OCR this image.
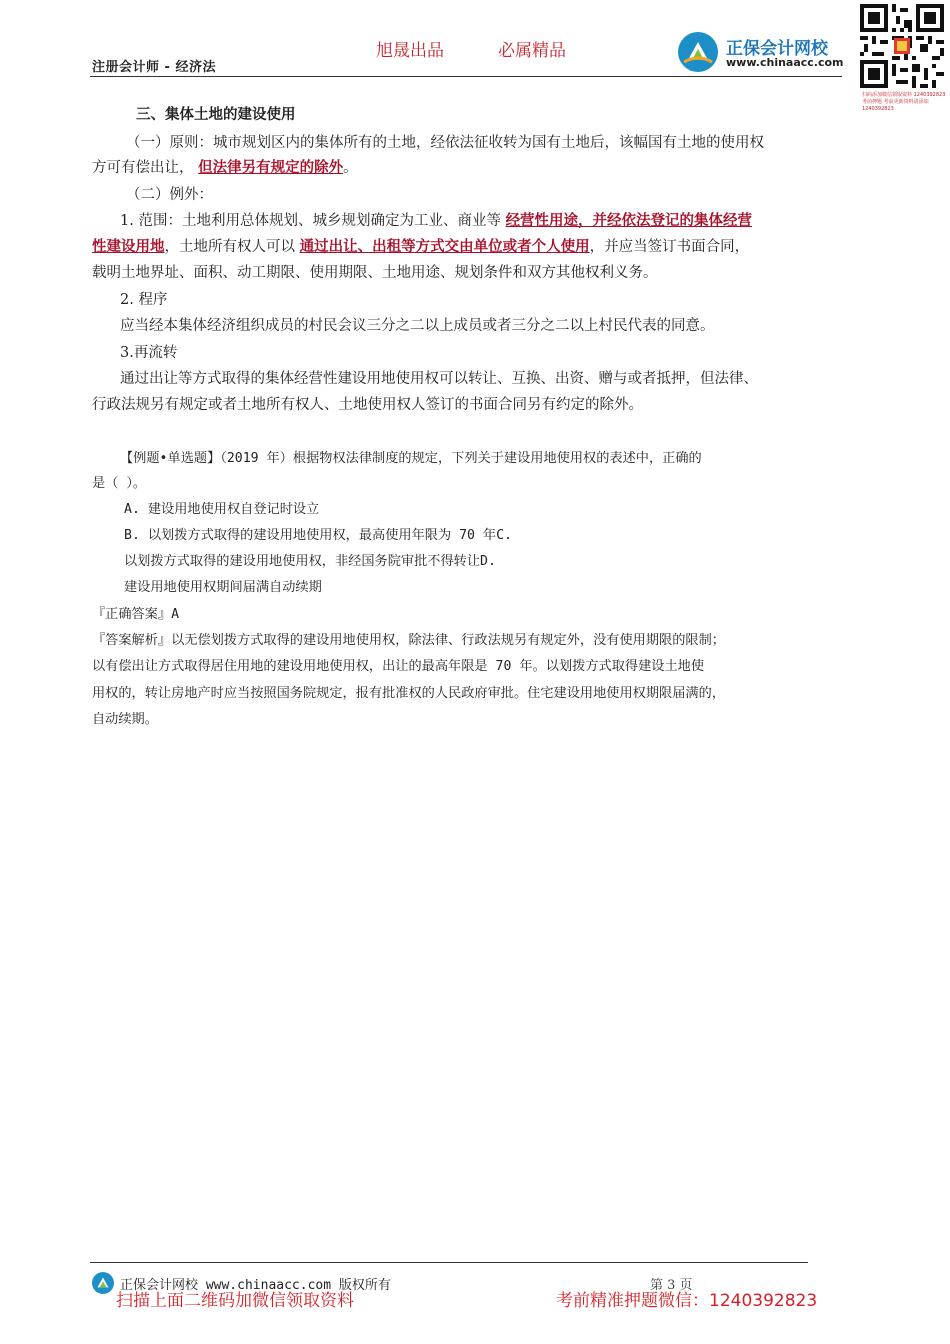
旭晟出品	必属精品
注册会计师 - 经济法
正保会计网校
www.chinaacc.com
扫码添加微信领取资料 1240392823 考前押题 考前更新资料请添加 1240392823
三、集体土地的建设使用
（一）原则：城市规划区内的集体所有的土地，经依法征收转为国有土地后，该幅国有土地的使用权
方可有偿出让， 但法律另有规定的除外。
（二）例外：
1. 范围：土地利用总体规划、城乡规划确定为工业、商业等 经营性用途，并经依法登记的集体经营
性建设用地，土地所有权人可以 通过出让、出租等方式交由单位或者个人使用，并应当签订书面合同，
载明土地界址、面积、动工期限、使用期限、土地用途、规划条件和双方其他权利义务。
2. 程序
应当经本集体经济组织成员的村民会议三分之二以上成员或者三分之二以上村民代表的同意。
3.再流转
通过出让等方式取得的集体经营性建设用地使用权可以转让、互换、出资、赠与或者抵押，但法律、
行政法规另有规定或者土地所有权人、土地使用权人签订的书面合同另有约定的除外。
【例题•单选题】（2019 年）根据物权法律制度的规定，下列关于建设用地使用权的表述中，正确的
是（ ）。
A. 建设用地使用权自登记时设立
B. 以划拨方式取得的建设用地使用权，最高使用年限为 70 年C.
以划拨方式取得的建设用地使用权，非经国务院审批不得转让D.
建设用地使用权期间届满自动续期
『正确答案』A
『答案解析』以无偿划拨方式取得的建设用地使用权，除法律、行政法规另有规定外，没有使用期限的限制；
以有偿出让方式取得居住用地的建设用地使用权，出让的最高年限是 70 年。以划拨方式取得建设土地使
用权的，转让房地产时应当按照国务院规定，报有批准权的人民政府审批。住宅建设用地使用权期限届满的，
自动续期。
正保会计网校 www.chinaacc.com 版权所有	第 3 页
扫描上面二维码加微信领取资料	考前精准押题微信：1240392823
